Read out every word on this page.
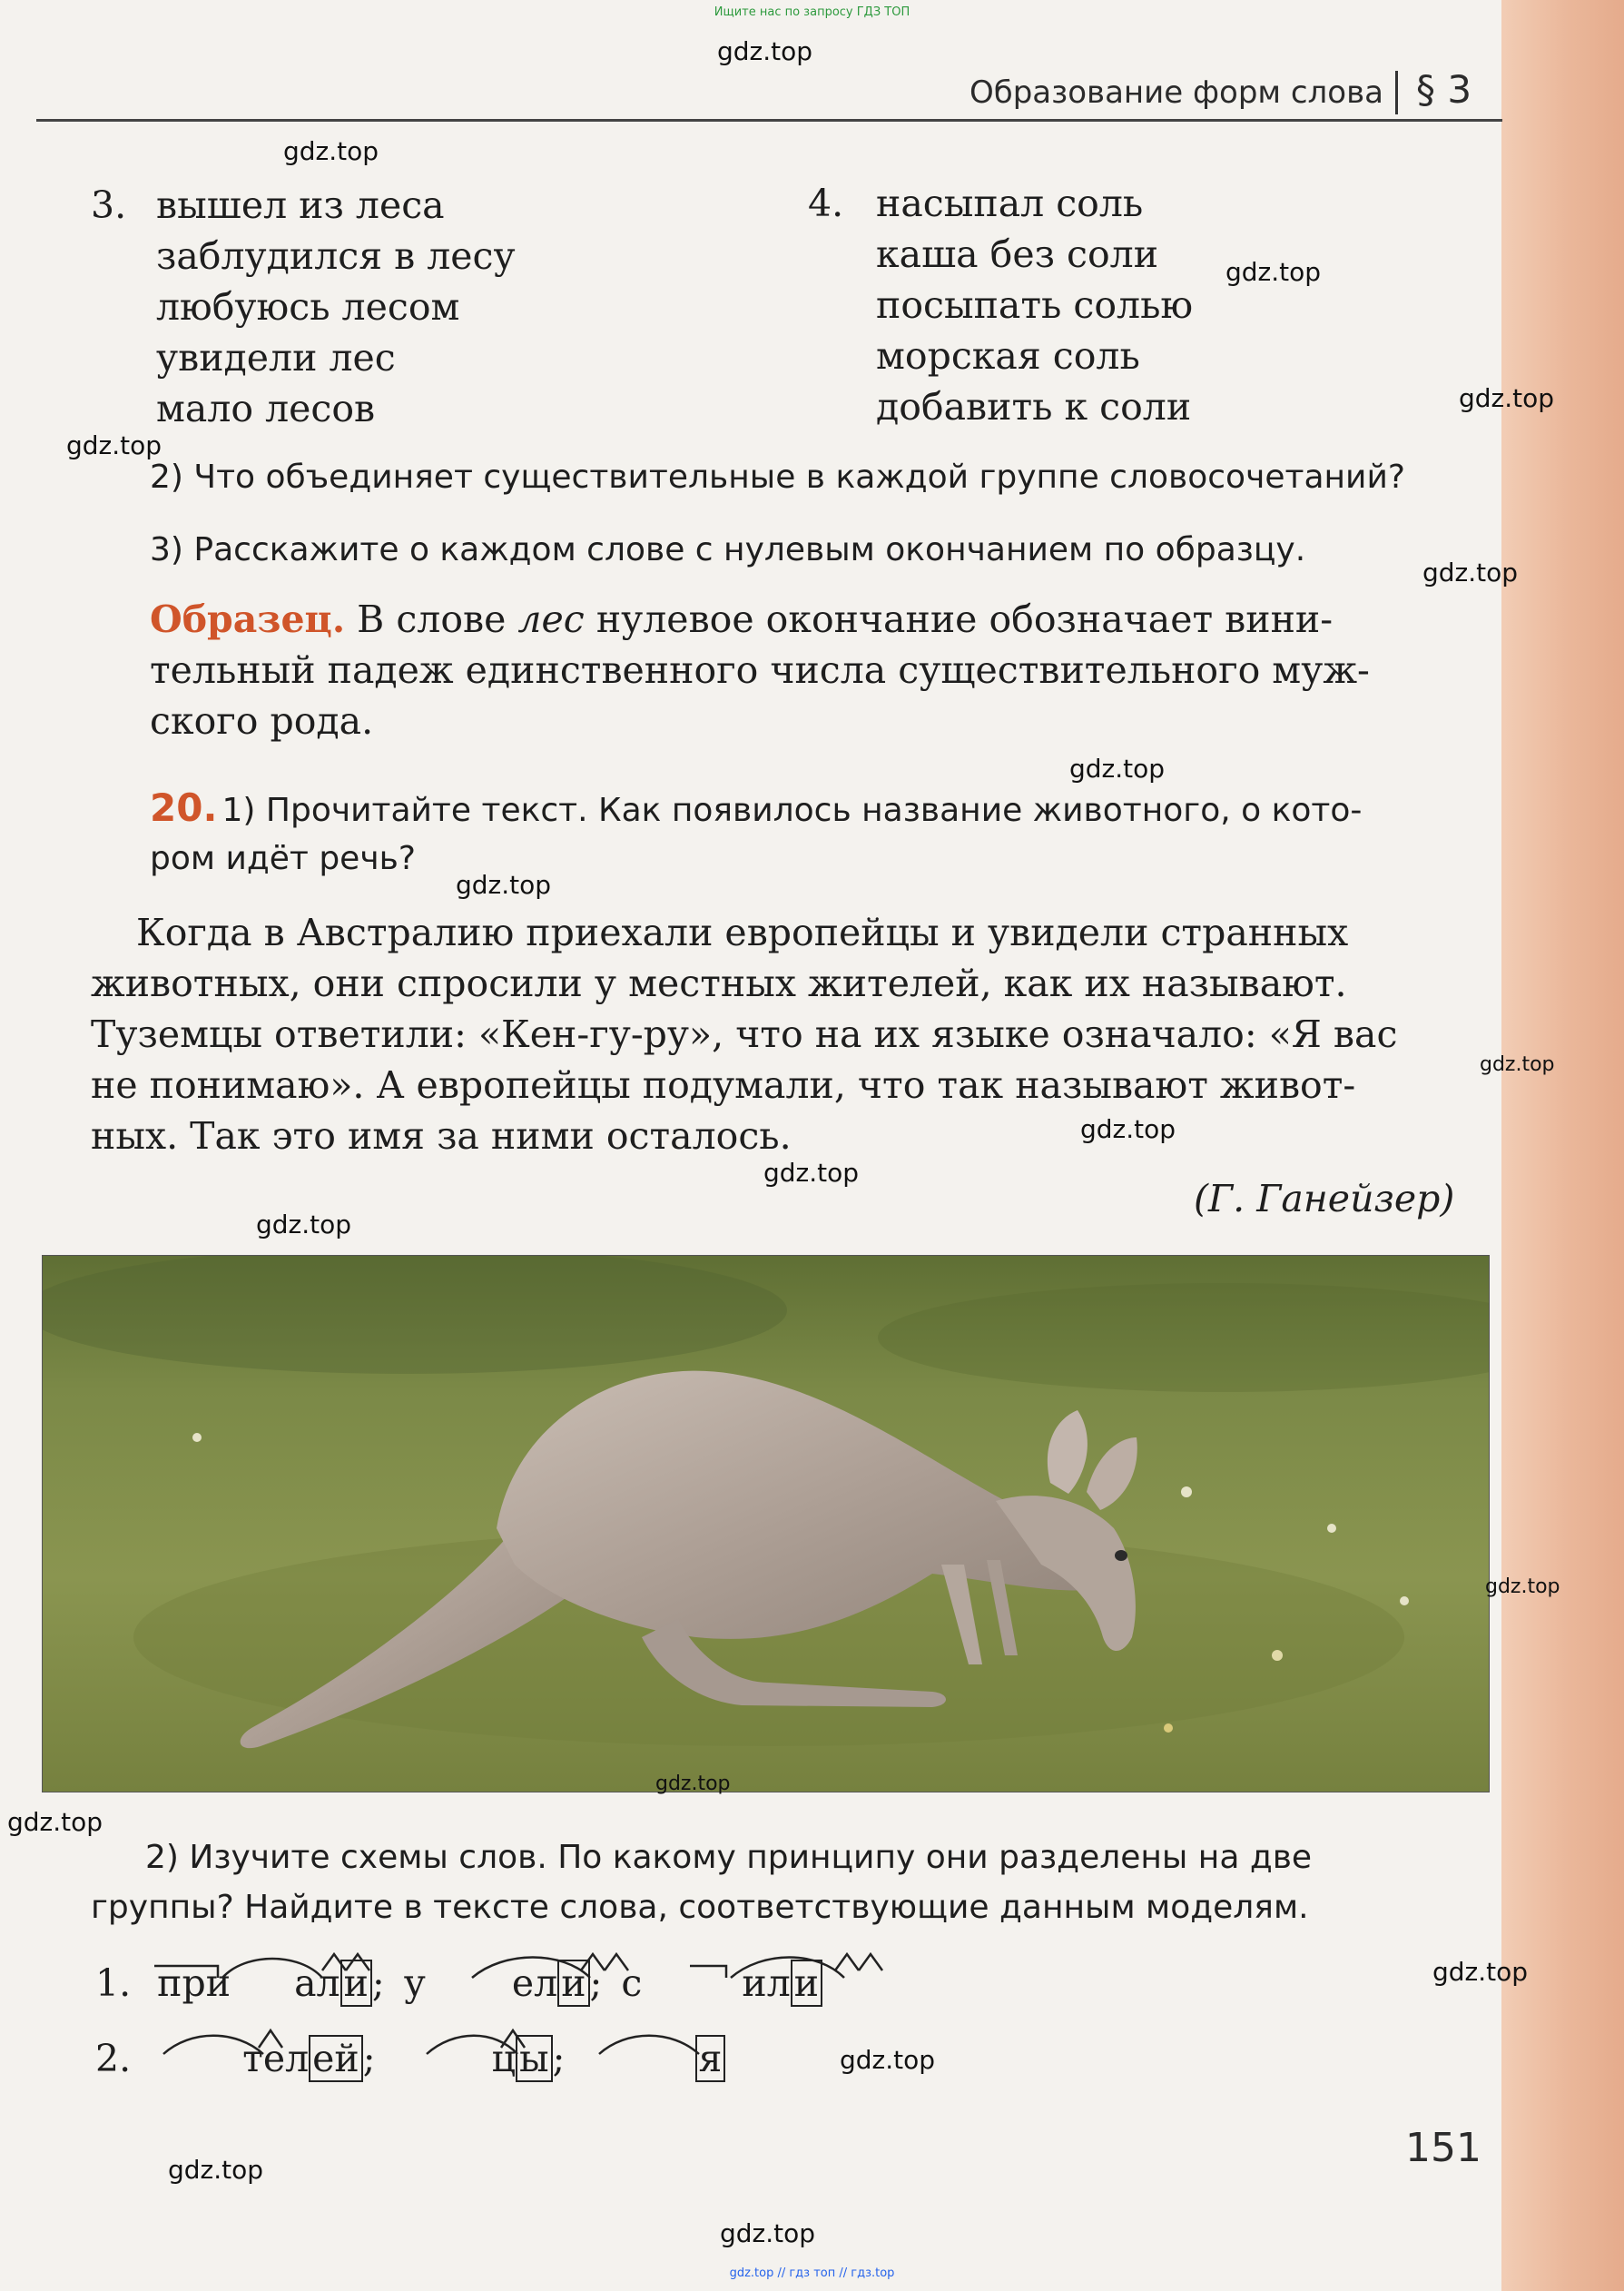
Ищите нас по запросу ГДЗ ТОП
Образование форм слова § 3
3. вышел из леса
заблудился в лесу
любуюсь лесом
увидели лес
мало лесов
4. насыпал соль
каша без соли
посыпать солью
морская соль
добавить к соли
2) Что объединяет существительные в каждой группе словосочетаний?
3) Расскажите о каждом слове с нулевым окончанием по образцу.
Образец. В слове лес нулевое окончание обозначает вини-
тельный падеж единственного числа существительного муж-
ского рода.
20. 1) Прочитайте текст. Как появилось название животного, о кото-
ром идёт речь?
Когда в Австралию приехали европейцы и увидели странных
животных, они спросили у местных жителей, как их называют.
Туземцы ответили: «Кен-гу-ру», что на их языке означало: «Я вас
не понимаю». А европейцы подумали, что так называют живот-
ных. Так это имя за ними осталось.
(Г. Ганейзер)
2) Изучите схемы слов. По какому принципу они разделены на две
группы? Найдите в тексте слова, соответствующие данным моделям.
1. при али; у ели; с	или
2.	телей;	цы;	я
151
gdz.top
gdz.top
gdz.top
gdz.top
gdz.top
gdz.top
gdz.top
gdz.top
gdz.top
gdz.top
gdz.top
gdz.top
gdz.top
gdz.top
gdz.top
gdz.top
gdz.top
gdz.top
gdz.top
gdz.top // гдз топ // гдз.top
